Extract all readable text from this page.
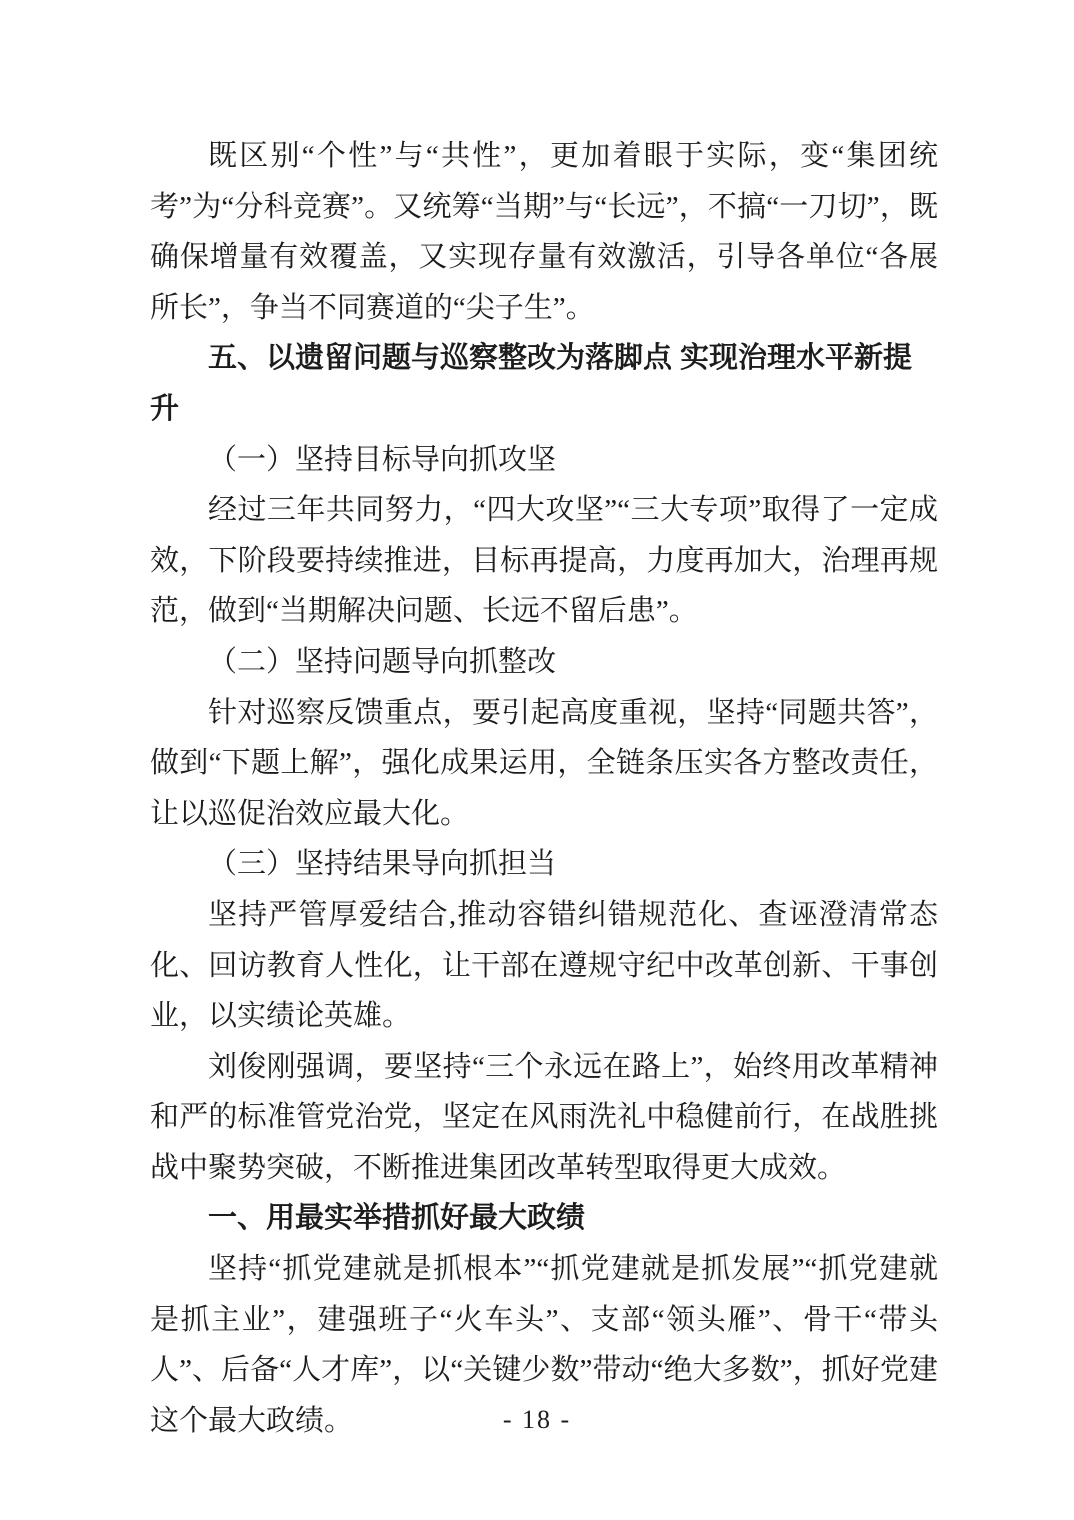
既区别“个性”与“共性”，更加着眼于实际，变“集团统考”为“分科竞赛”。又统筹“当期”与“长远”，不搞“一刀切”，既确保增量有效覆盖，又实现存量有效激活，引导各单位“各展所长”，争当不同赛道的“尖子生”。

五、以遗留问题与巡察整改为落脚点 实现治理水平新提升

（一）坚持目标导向抓攻坚

经过三年共同努力，“四大攻坚”“三大专项”取得了一定成效，下阶段要持续推进，目标再提高，力度再加大，治理再规范，做到“当期解决问题、长远不留后患”。

（二）坚持问题导向抓整改

针对巡察反馈重点，要引起高度重视，坚持“同题共答”，做到“下题上解”，强化成果运用，全链条压实各方整改责任，让以巡促治效应最大化。

（三）坚持结果导向抓担当

坚持严管厚爱结合,推动容错纠错规范化、查诬澄清常态化、回访教育人性化，让干部在遵规守纪中改革创新、干事创业，以实绩论英雄。

刘俊刚强调，要坚持“三个永远在路上”，始终用改革精神和严的标准管党治党，坚定在风雨洗礼中稳健前行，在战胜挑战中聚势突破，不断推进集团改革转型取得更大成效。

一、用最实举措抓好最大政绩

坚持“抓党建就是抓根本”“抓党建就是抓发展”“抓党建就是抓主业”，建强班子“火车头”、支部“领头雁”、骨干“带头人”、后备“人才库”，以“关键少数”带动“绝大多数”，抓好党建这个最大政绩。	- 18 -
